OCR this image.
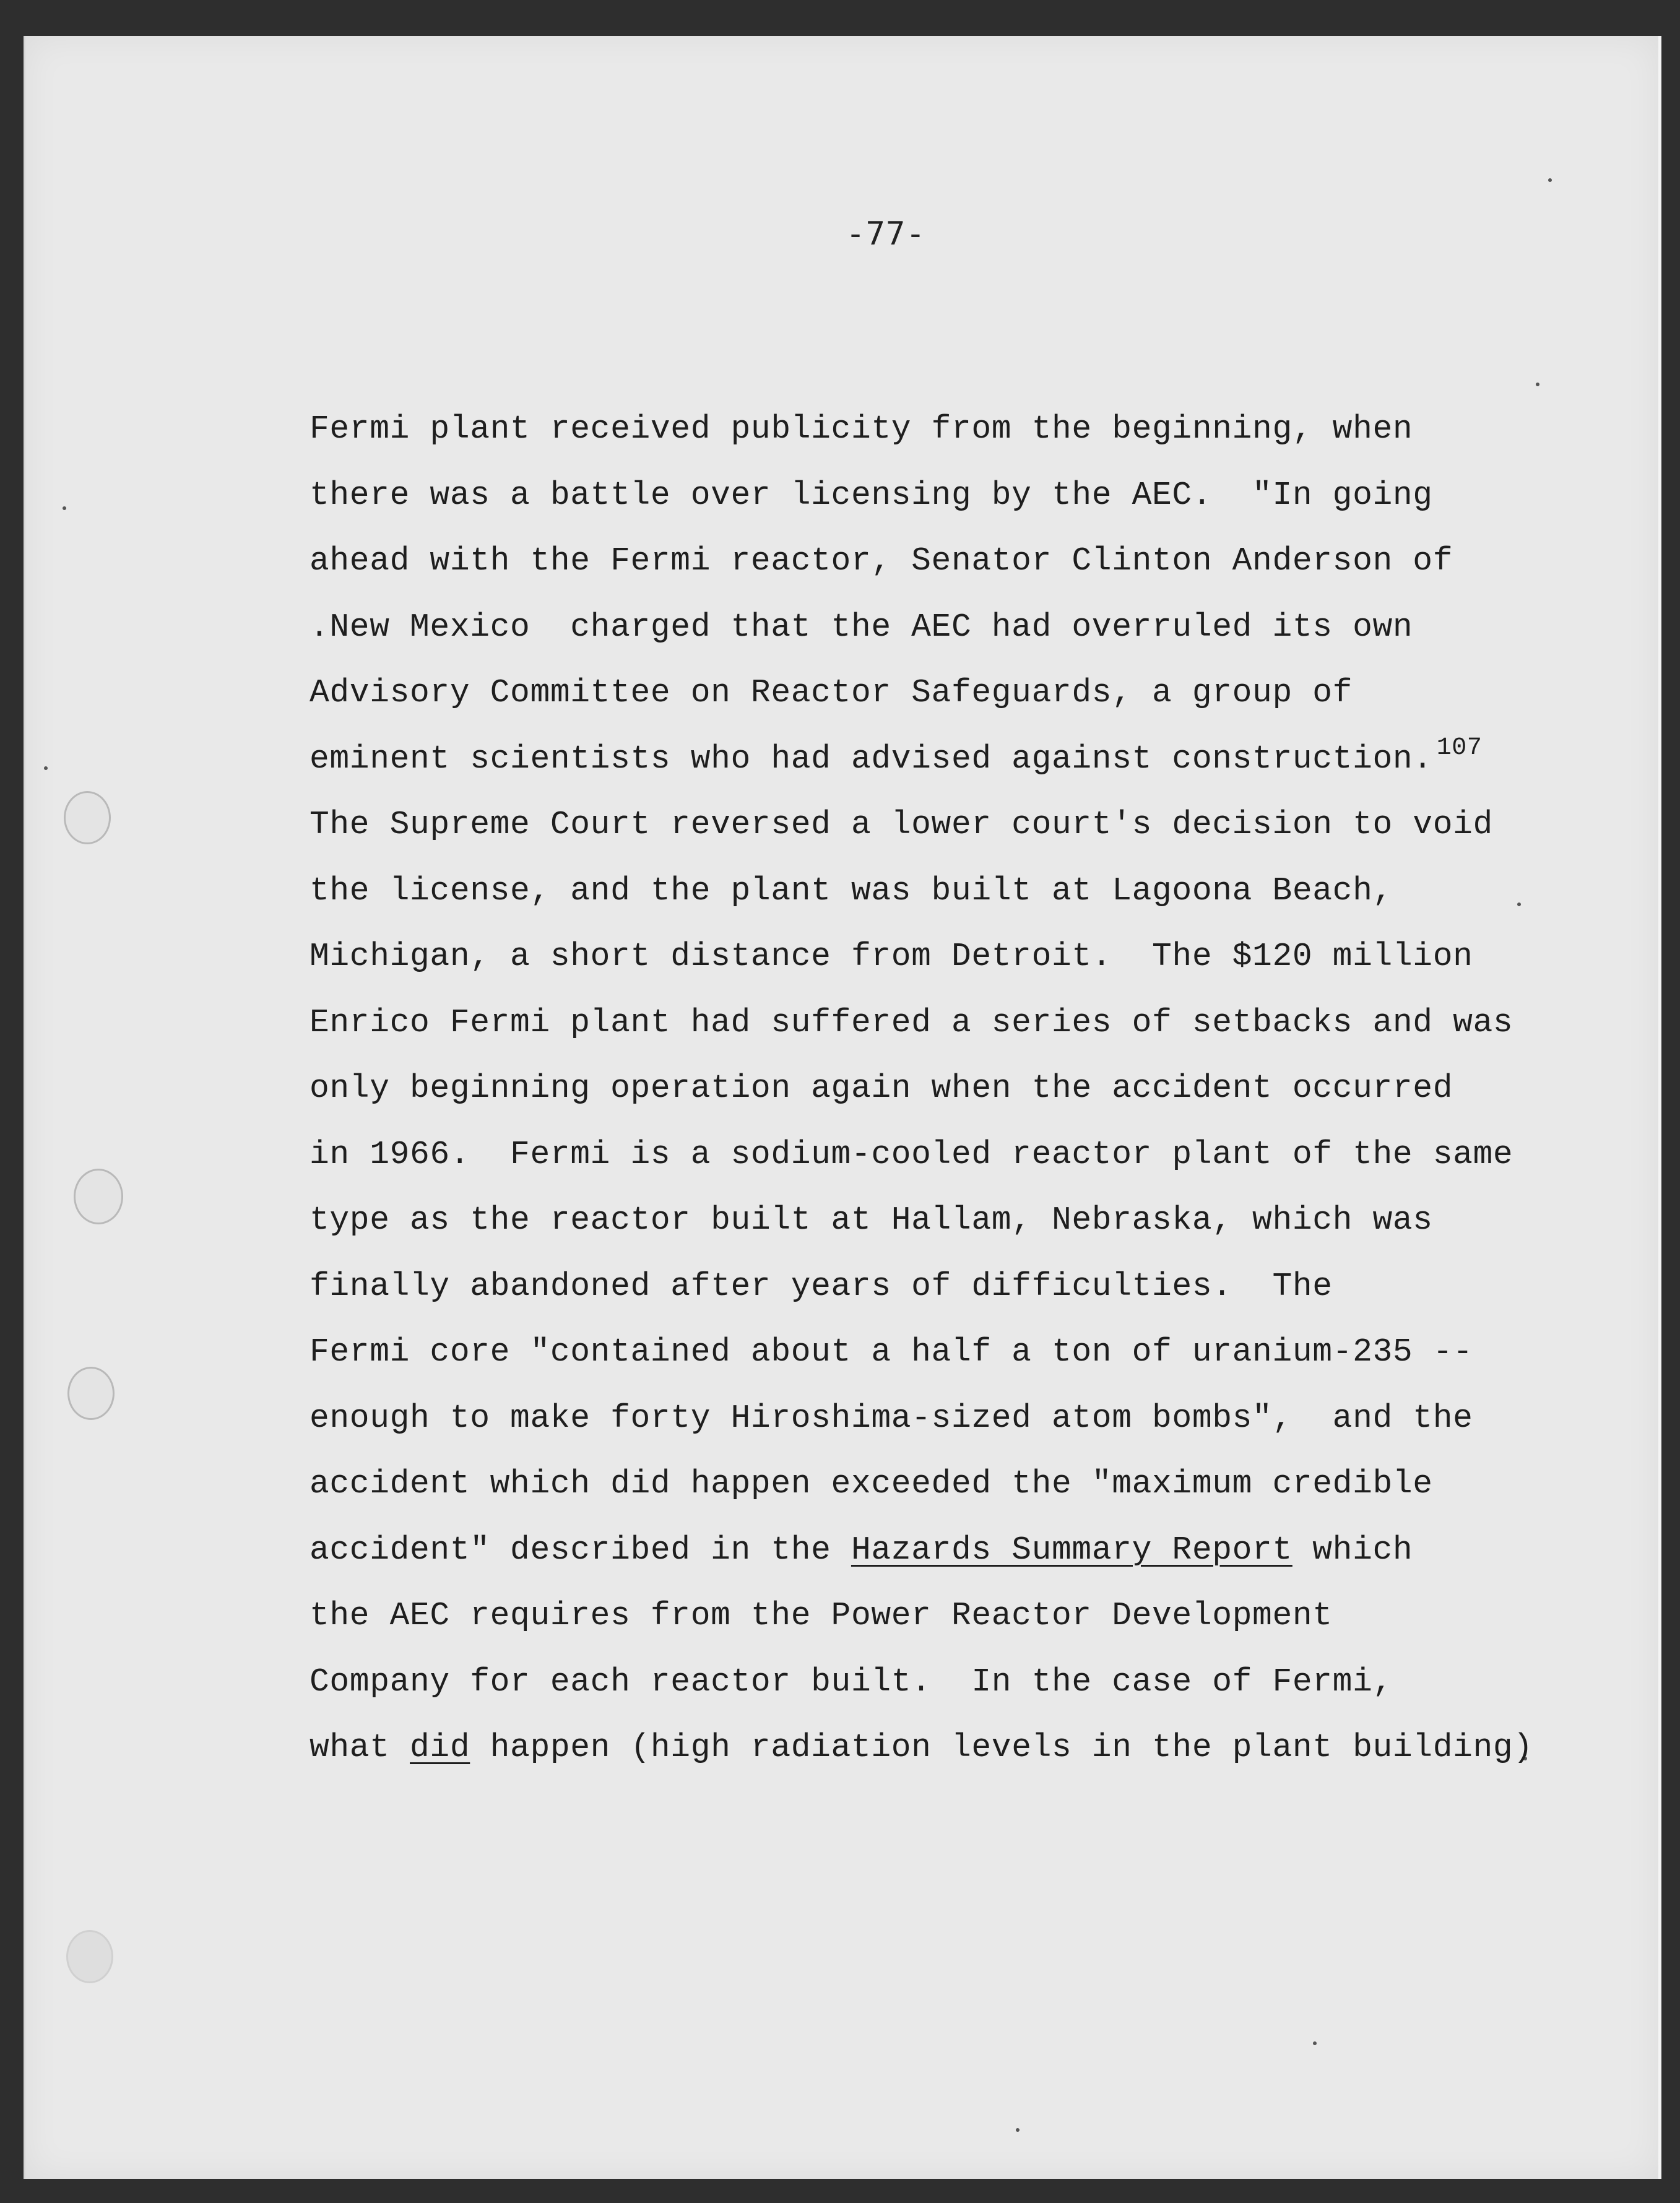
-77-
Fermi plant received publicity from the beginning, when
there was a battle over licensing by the AEC.  "In going
ahead with the Fermi reactor, Senator Clinton Anderson of
.New Mexico  charged that the AEC had overruled its own
Advisory Committee on Reactor Safeguards, a group of
eminent scientists who had advised against construction. 107
The Supreme Court reversed a lower court's decision to void
the license, and the plant was built at Lagoona Beach,
Michigan, a short distance from Detroit.  The $120 million
Enrico Fermi plant had suffered a series of setbacks and was
only beginning operation again when the accident occurred
in 1966.  Fermi is a sodium-cooled reactor plant of the same
type as the reactor built at Hallam, Nebraska, which was
finally abandoned after years of difficulties.  The
Fermi core "contained about a half a ton of uranium-235 --
enough to make forty Hiroshima-sized atom bombs",  and the
accident which did happen exceeded the "maximum credible
accident" described in the Hazards Summary Report which
the AEC requires from the Power Reactor Development
Company for each reactor built.  In the case of Fermi,
what did happen (high radiation levels in the plant building)
